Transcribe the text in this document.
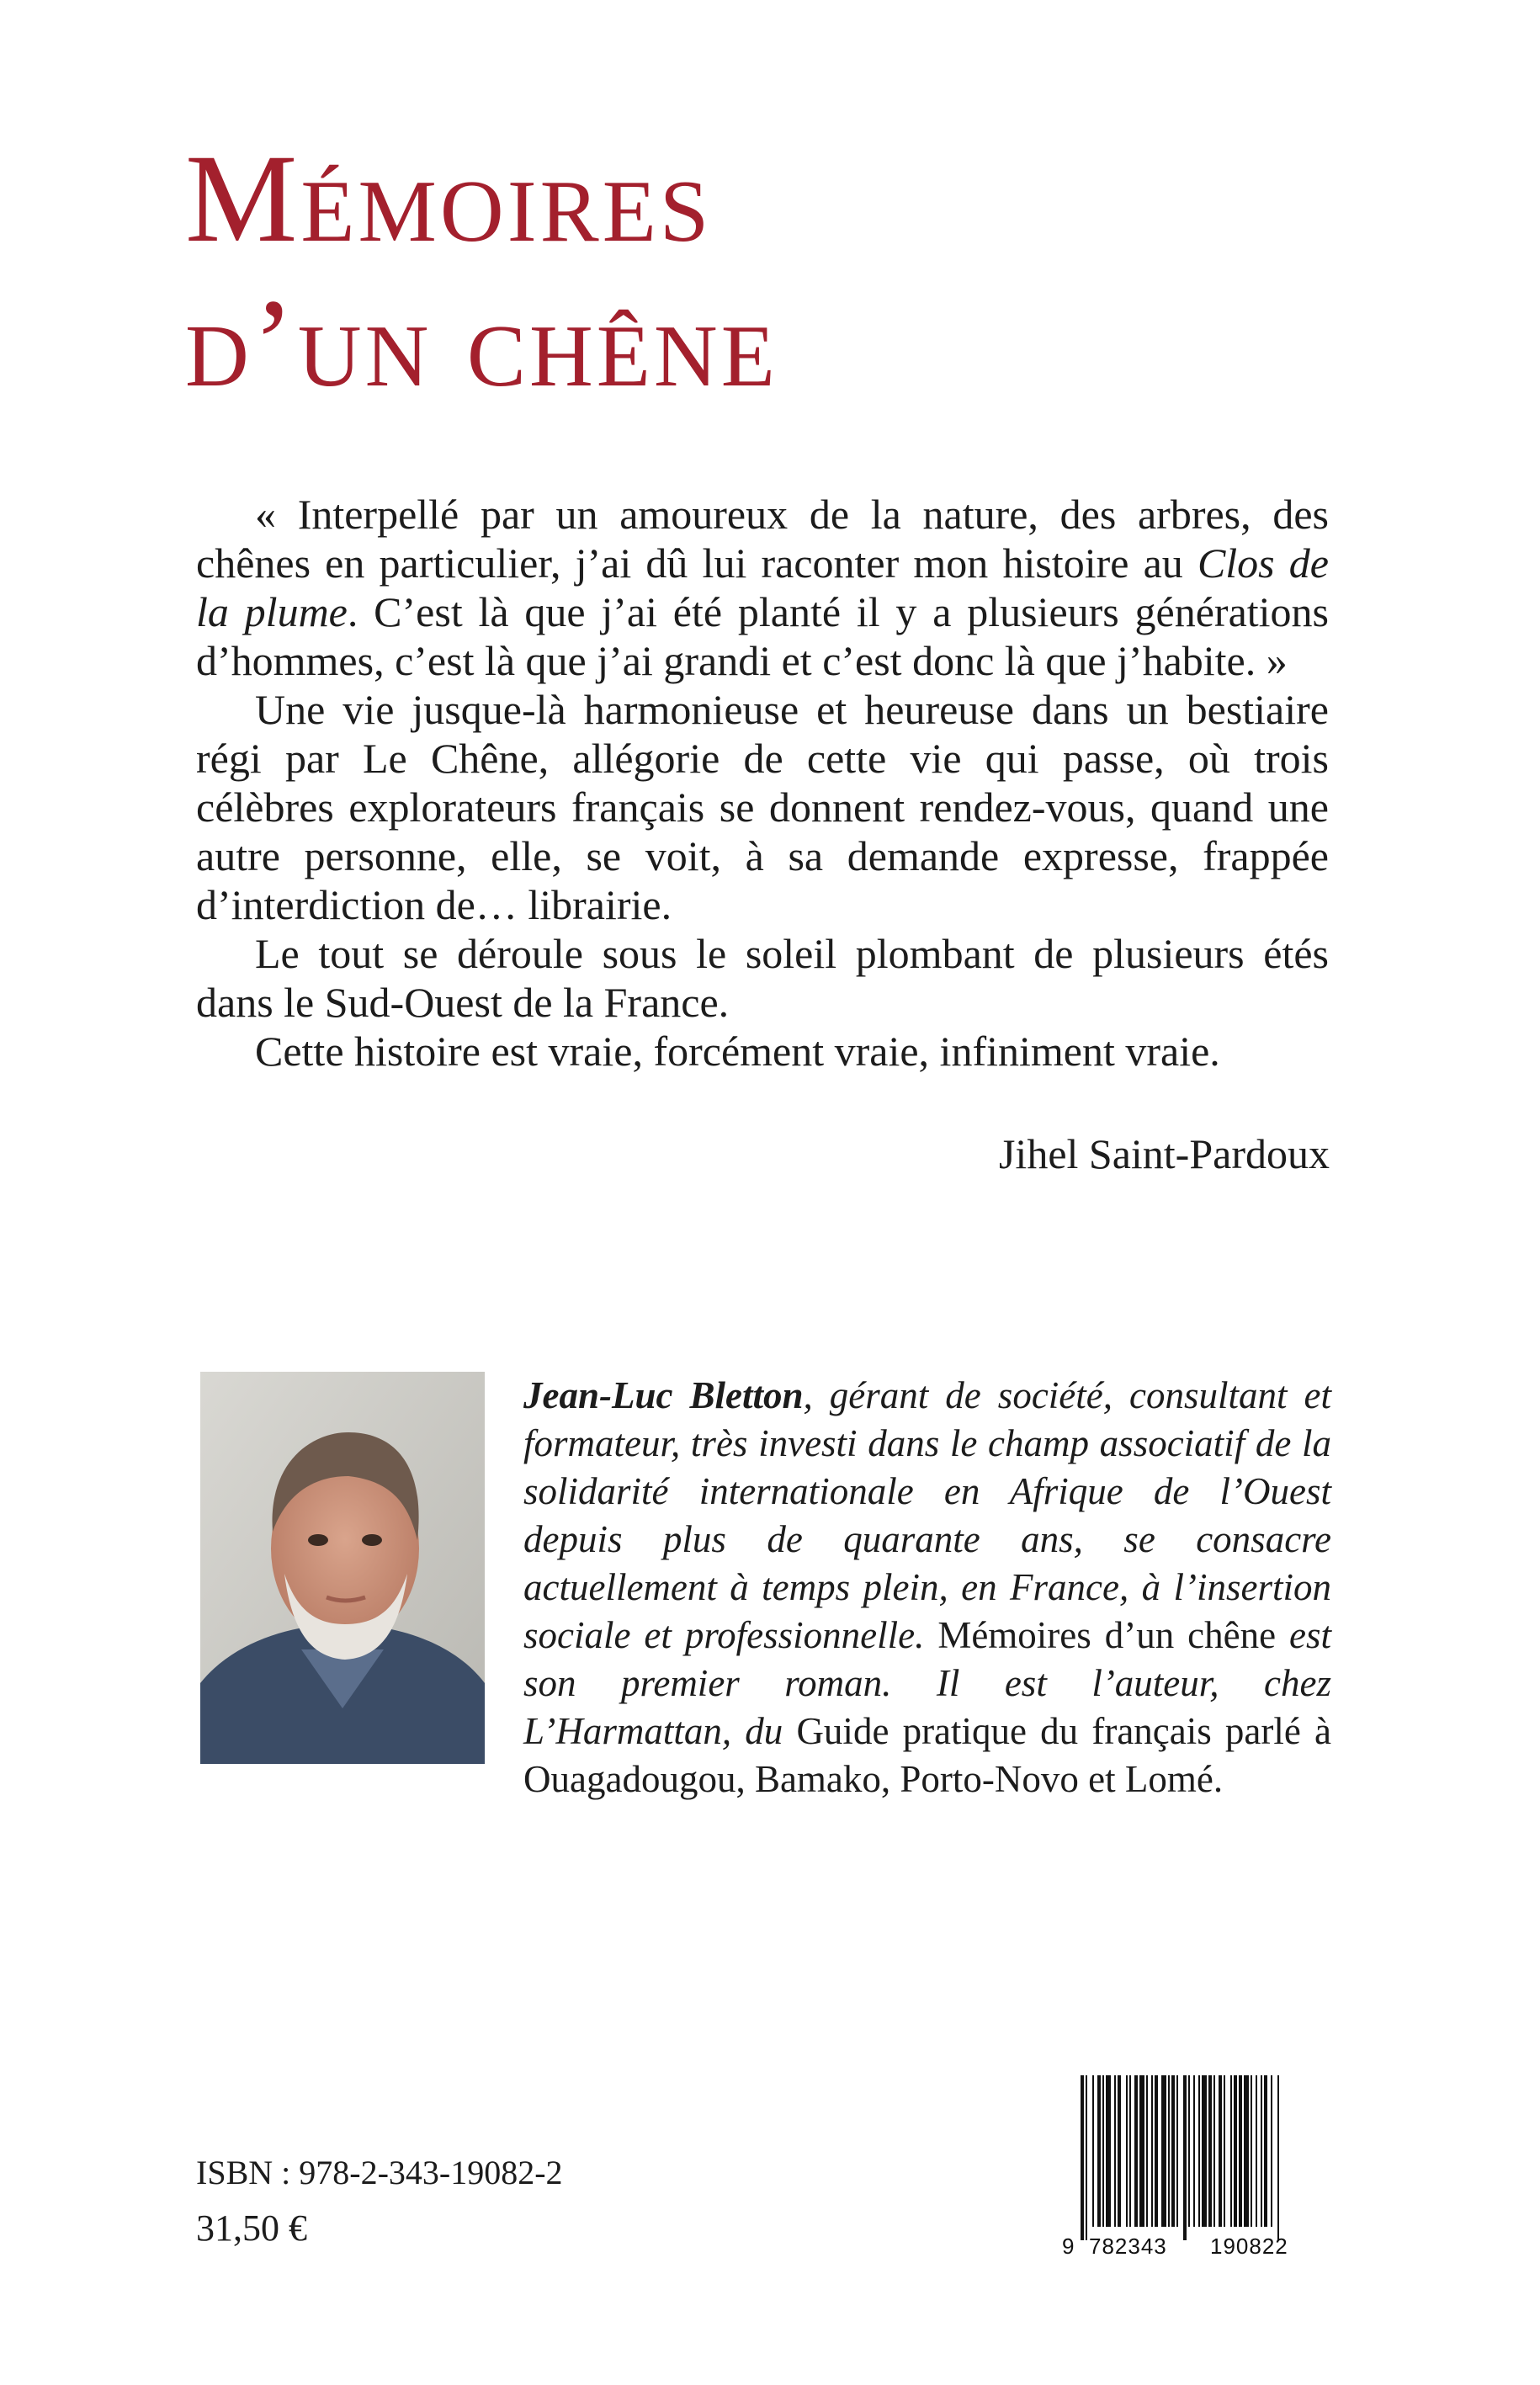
Mémoires
d’un chêne

« Interpellé par un amoureux de la nature, des arbres, des chênes en particulier, j’ai dû lui raconter mon histoire au Clos de la plume. C’est là que j’ai été planté il y a plusieurs générations d’hommes, c’est là que j’ai grandi et c’est donc là que j’habite. »

Une vie jusque-là harmonieuse et heureuse dans un bestiaire régi par Le Chêne, allégorie de cette vie qui passe, où trois célèbres explorateurs français se donnent rendez-vous, quand une autre personne, elle, se voit, à sa demande expresse, frappée d’interdiction de… librairie.

Le tout se déroule sous le soleil plombant de plusieurs étés dans le Sud-Ouest de la France.

Cette histoire est vraie, forcément vraie, infiniment vraie.

Jihel Saint-Pardoux
Jean-Luc Bletton, gérant de société, consultant et formateur, très investi dans le champ associatif de la solidarité internationale en Afrique de l’Ouest depuis plus de quarante ans, se consacre actuellement à temps plein, en France, à l’insertion sociale et professionnelle. Mémoires d’un chêne est son premier roman. Il est l’auteur, chez L’Harmattan, du Guide pratique du français parlé à Ouagadougou, Bamako, Porto-Novo et Lomé.
ISBN : 978-2-343-19082-2
31,50 €	9 782343 190822
